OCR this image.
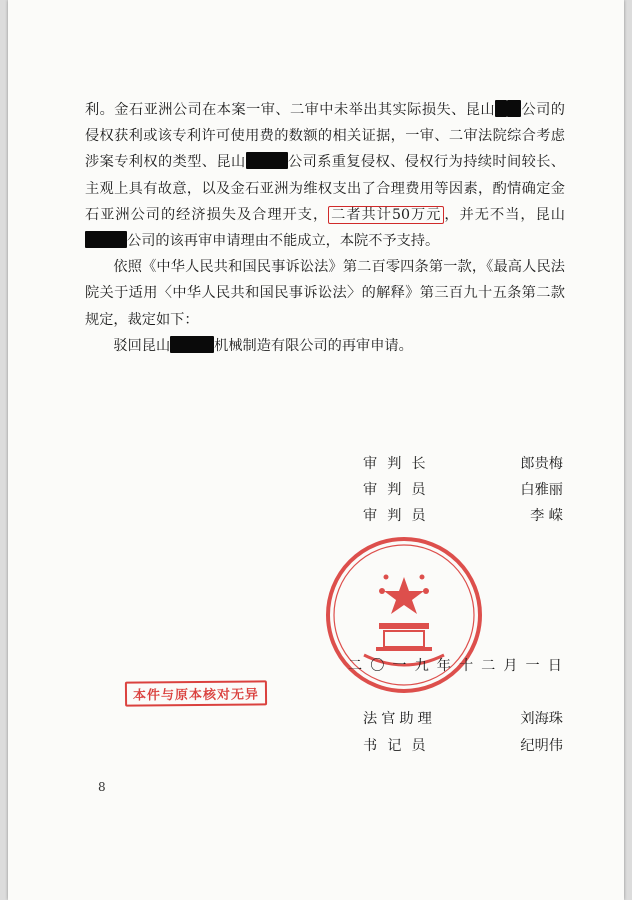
利。金石亚洲公司在本案一审、二审中未举出其实际损失、昆山 公司的侵权获利或该专利许可使用费的数额的相关证据，一审、二审法院综合考虑涉案专利权的类型、昆山	公司系重复侵权、侵权行为持续时间较长、主观上具有故意，以及金石亚洲为维权支出了合理费用等因素，酌情确定金石亚洲公司的经济损失及合理开支， 二者共计50万元 ，并无不当，昆山公司的该再审申请理由不能成立，本院不予支持。

依照《中华人民共和国民事诉讼法》第二百零四条第一款，《最高人民法院关于适用〈中华人民共和国民事诉讼法〉的解释》第三百九十五条第二款规定，裁定如下：

驳回昆山	机械制造有限公司的再审申请。

审判长	郎贵梅
审判员	白雅丽
审判员	李 嵘
二〇一九年十二月一日
本件与原本核对无异
法官助理	刘海珠
书记员	纪明伟
8
